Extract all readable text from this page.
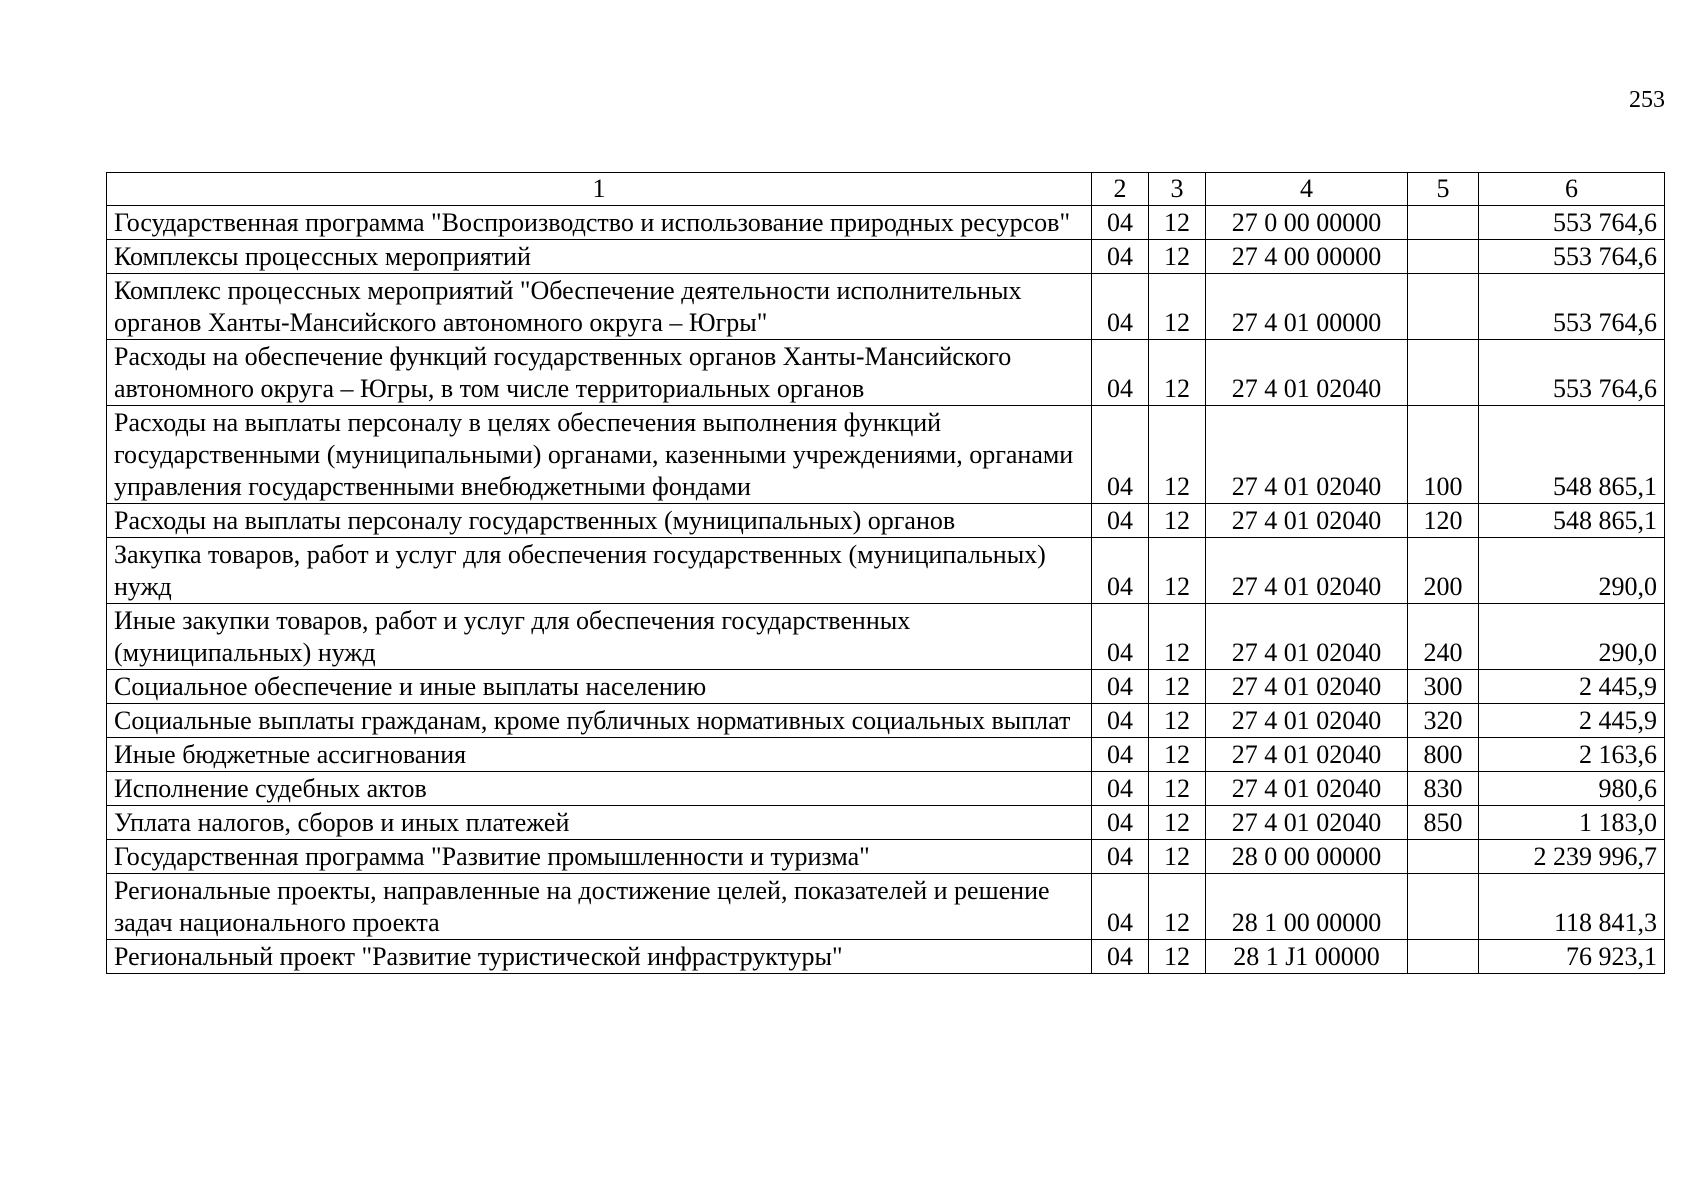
253
1	2	3	4	5	6
Государственная программа "Воспроизводство и использование природных ресурсов"	04	12	27 0 00 00000		553 764,6
Комплексы процессных мероприятий	04	12	27 4 00 00000		553 764,6
Комплекс процессных мероприятий "Обеспечение деятельности исполнительных органов Ханты-Мансийского автономного округа – Югры"	04	12	27 4 01 00000		553 764,6
Расходы на обеспечение функций государственных органов Ханты-Мансийского автономного округа – Югры, в том числе территориальных органов	04	12	27 4 01 02040		553 764,6
Расходы на выплаты персоналу в целях обеспечения выполнения функций государственными (муниципальными) органами, казенными учреждениями, органами управления государственными внебюджетными фондами	04	12	27 4 01 02040	100	548 865,1
Расходы на выплаты персоналу государственных (муниципальных) органов	04	12	27 4 01 02040	120	548 865,1
Закупка товаров, работ и услуг для обеспечения государственных (муниципальных) нужд	04	12	27 4 01 02040	200	290,0
Иные закупки товаров, работ и услуг для обеспечения государственных (муниципальных) нужд	04	12	27 4 01 02040	240	290,0
Социальное обеспечение и иные выплаты населению	04	12	27 4 01 02040	300	2 445,9
Социальные выплаты гражданам, кроме публичных нормативных социальных выплат	04	12	27 4 01 02040	320	2 445,9
Иные бюджетные ассигнования	04	12	27 4 01 02040	800	2 163,6
Исполнение судебных актов	04	12	27 4 01 02040	830	980,6
Уплата налогов, сборов и иных платежей	04	12	27 4 01 02040	850	1 183,0
Государственная программа "Развитие промышленности и туризма"	04	12	28 0 00 00000		2 239 996,7
Региональные проекты, направленные на достижение целей, показателей и решение задач национального проекта	04	12	28 1 00 00000		118 841,3
Региональный проект "Развитие туристической инфраструктуры"	04	12	28 1 J1 00000		76 923,1
